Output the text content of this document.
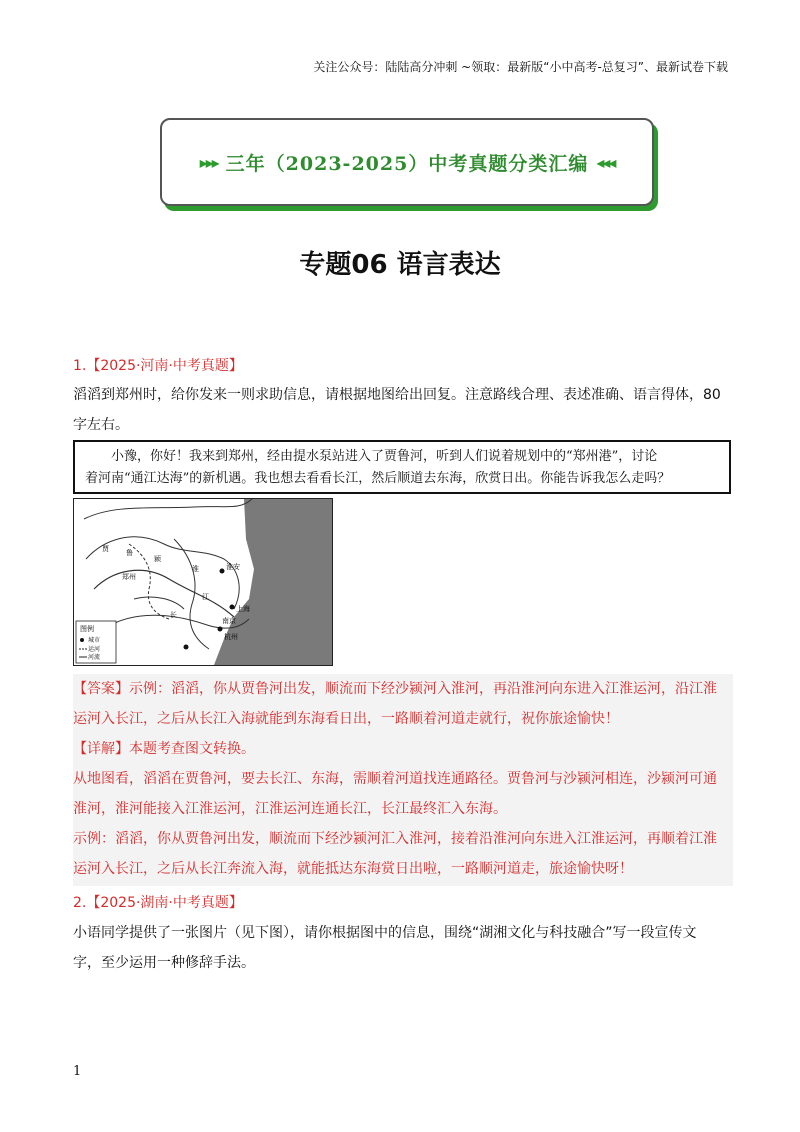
关注公众号：陆陆高分冲刺 ~领取：最新版“小中高考-总复习”、最新试卷下载
▸▸▸ 三年（2023-2025）中考真题分类汇编 ◂◂◂
专题06 语言表达
1.【2025·河南·中考真题】
滔滔到郑州时，给你发来一则求助信息，请根据地图给出回复。注意路线合理、表述准确、语言得体，80
字左右。
小豫，你好！我来到郑州，经由提水泵站进入了贾鲁河，听到人们说着规划中的“郑州港”，讨论
着河南“通江达海”的新机遇。我也想去看看长江，然后顺道去东海，欣赏日出。你能告诉我怎么走吗？
图例
城市
运河
河流
贾 鲁
颍
淮	淮安
江
长
上海
杭州
南京
郑州
【答案】示例：滔滔，你从贾鲁河出发，顺流而下经沙颍河入淮河，再沿淮河向东进入江淮运河，沿江淮
运河入长江，之后从长江入海就能到东海看日出，一路顺着河道走就行，祝你旅途愉快！
【详解】本题考查图文转换。
从地图看，滔滔在贾鲁河，要去长江、东海，需顺着河道找连通路径。贾鲁河与沙颍河相连，沙颍河可通
淮河，淮河能接入江淮运河，江淮运河连通长江，长江最终汇入东海。
示例：滔滔，你从贾鲁河出发，顺流而下经沙颍河汇入淮河，接着沿淮河向东进入江淮运河，再顺着江淮
运河入长江，之后从长江奔流入海，就能抵达东海赏日出啦，一路顺河道走，旅途愉快呀！
2.【2025·湖南·中考真题】
小语同学提供了一张图片（见下图），请你根据图中的信息，围绕“湖湘文化与科技融合”写一段宣传文
字，至少运用一种修辞手法。
1
